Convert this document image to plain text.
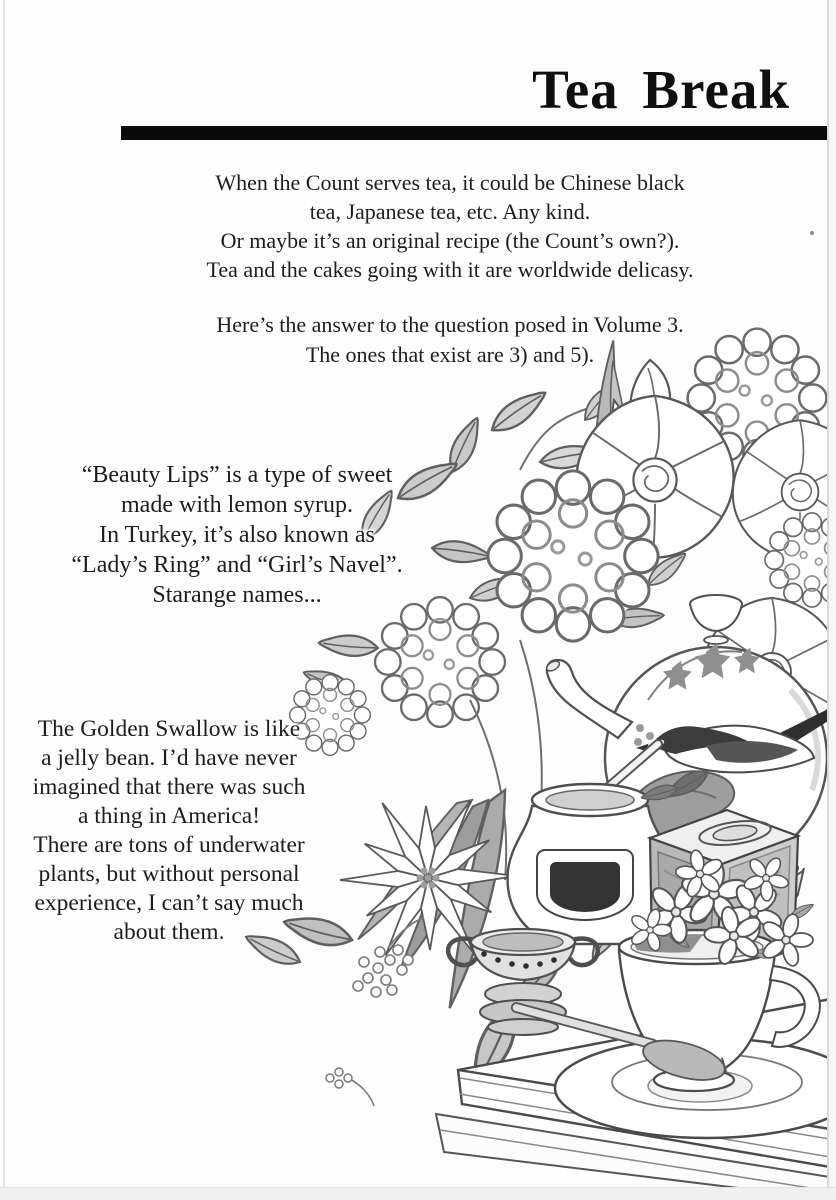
Tea Break
When the Count serves tea, it could be Chinese black
tea, Japanese tea, etc. Any kind.
Or maybe it’s an original recipe (the Count’s own?).
Tea and the cakes going with it are worldwide delicasy.
Here’s the answer to the question posed in Volume 3.
The ones that exist are 3) and 5).
“Beauty Lips” is a type of sweet
made with lemon syrup.
In Turkey, it’s also known as
“Lady’s Ring” and “Girl’s Navel”.
Starange names...
The Golden Swallow is like
a jelly bean. I’d have never
imagined that there was such
a thing in America!
There are tons of underwater
plants, but without personal
experience, I can’t say much
about them.
